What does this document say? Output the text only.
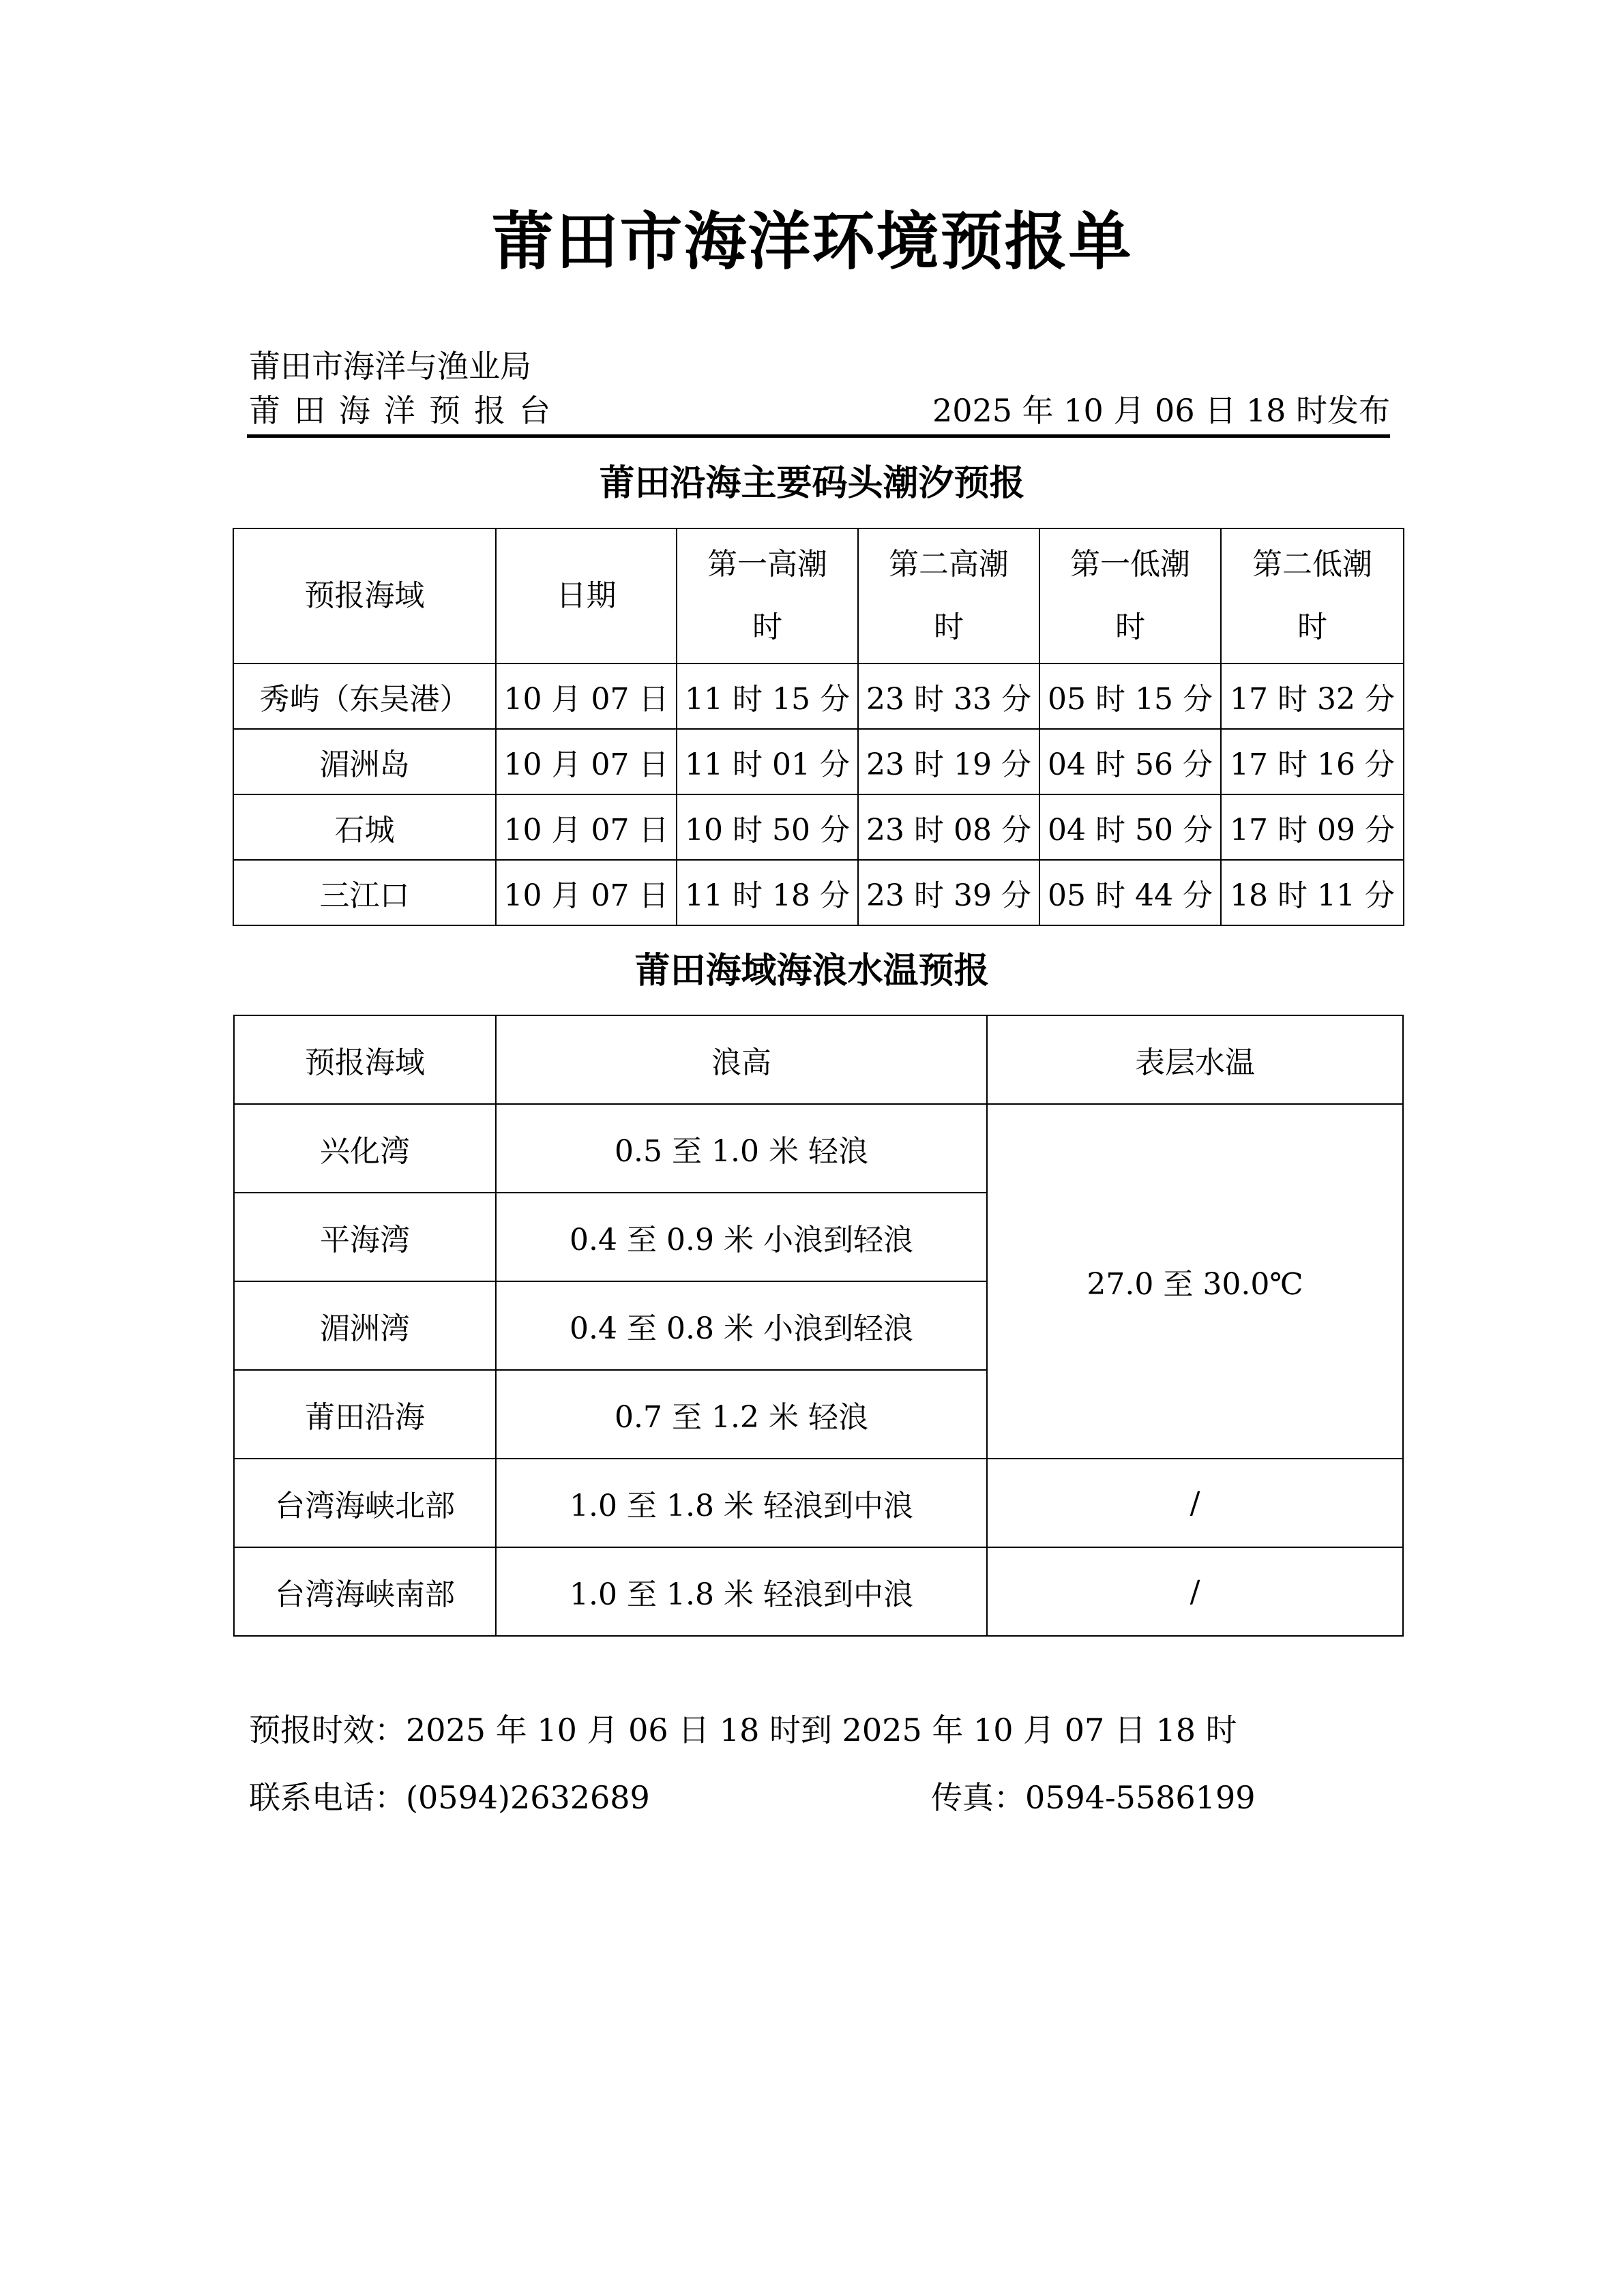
莆田市海洋环境预报单
莆田市海洋与渔业局
莆田海洋预报台	2025 年 10 月 06 日 18 时发布
莆田沿海主要码头潮汐预报
预报海域	日期	第一高潮时	第二高潮时	第一低潮时	第二低潮时
秀屿（东吴港）	10 月 07 日	11 时 15 分	23 时 33 分	05 时 15 分	17 时 32 分
湄洲岛	10 月 07 日	11 时 01 分	23 时 19 分	04 时 56 分	17 时 16 分
石城	10 月 07 日	10 时 50 分	23 时 08 分	04 时 50 分	17 时 09 分
三江口	10 月 07 日	11 时 18 分	23 时 39 分	05 时 44 分	18 时 11 分
莆田海域海浪水温预报
预报海域	浪高	表层水温
兴化湾	0.5 至 1.0 米 轻浪	27.0 至 30.0℃
平海湾	0.4 至 0.9 米 小浪到轻浪	
湄洲湾	0.4 至 0.8 米 小浪到轻浪	
莆田沿海	0.7 至 1.2 米 轻浪	
台湾海峡北部	1.0 至 1.8 米 轻浪到中浪	/
台湾海峡南部	1.0 至 1.8 米 轻浪到中浪	/
预报时效：2025 年 10 月 06 日 18 时到 2025 年 10 月 07 日 18 时
联系电话：(0594)2632689	传真：0594-5586199
